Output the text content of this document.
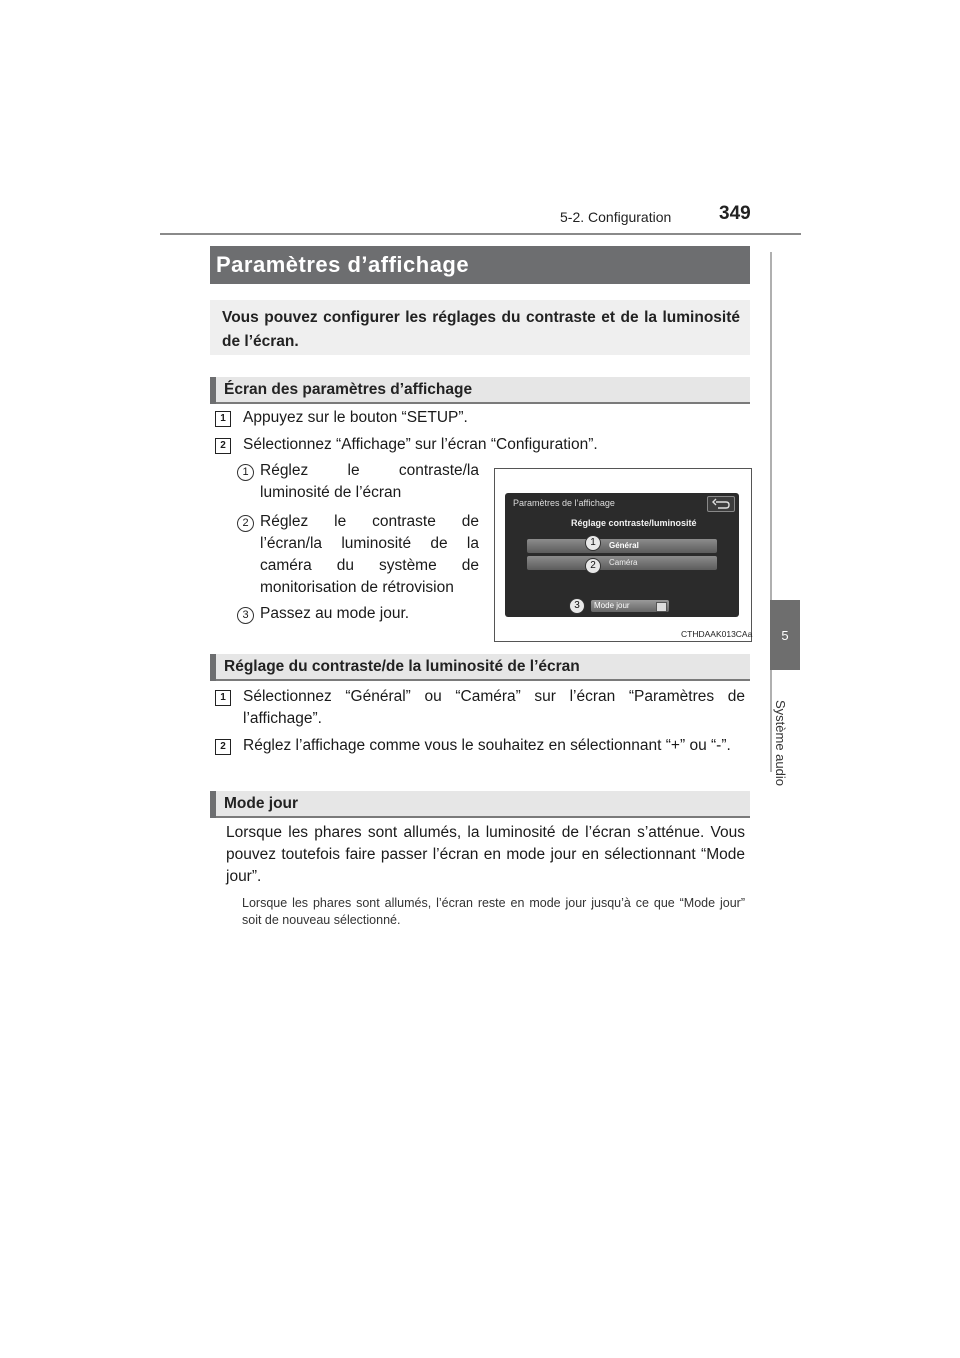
5-2. Configuration	349
5
Système audio
Paramètres d’affichage
Vous pouvez configurer les réglages du contraste et de la luminosité de l’écran.
Écran des paramètres d’affichage
1	Appuyez sur le bouton “SETUP”.
2	Sélectionnez “Affichage” sur l’écran “Configuration”.
1 Réglez le contraste/la luminosité de l’écran
2 Réglez le contraste de l’écran/la luminosité de la caméra du système de monitorisation de rétrovision
3 Passez au mode jour.
Paramètres de l’affichage
Réglage contraste/luminosité
Général
Caméra
Mode jour
1
2
3
CTHDAAK013CAa
Réglage du contraste/de la luminosité de l’écran
1	Sélectionnez “Général” ou “Caméra” sur l’écran “Paramètres de l’affichage”.
2	Réglez l’affichage comme vous le souhaitez en sélectionnant “+” ou “-”.
Mode jour
Lorsque les phares sont allumés, la luminosité de l’écran s’atténue. Vous pouvez toutefois faire passer l’écran en mode jour en sélectionnant “Mode jour”.
Lorsque les phares sont allumés, l’écran reste en mode jour jusqu’à ce que “Mode jour” soit de nouveau sélectionné.
